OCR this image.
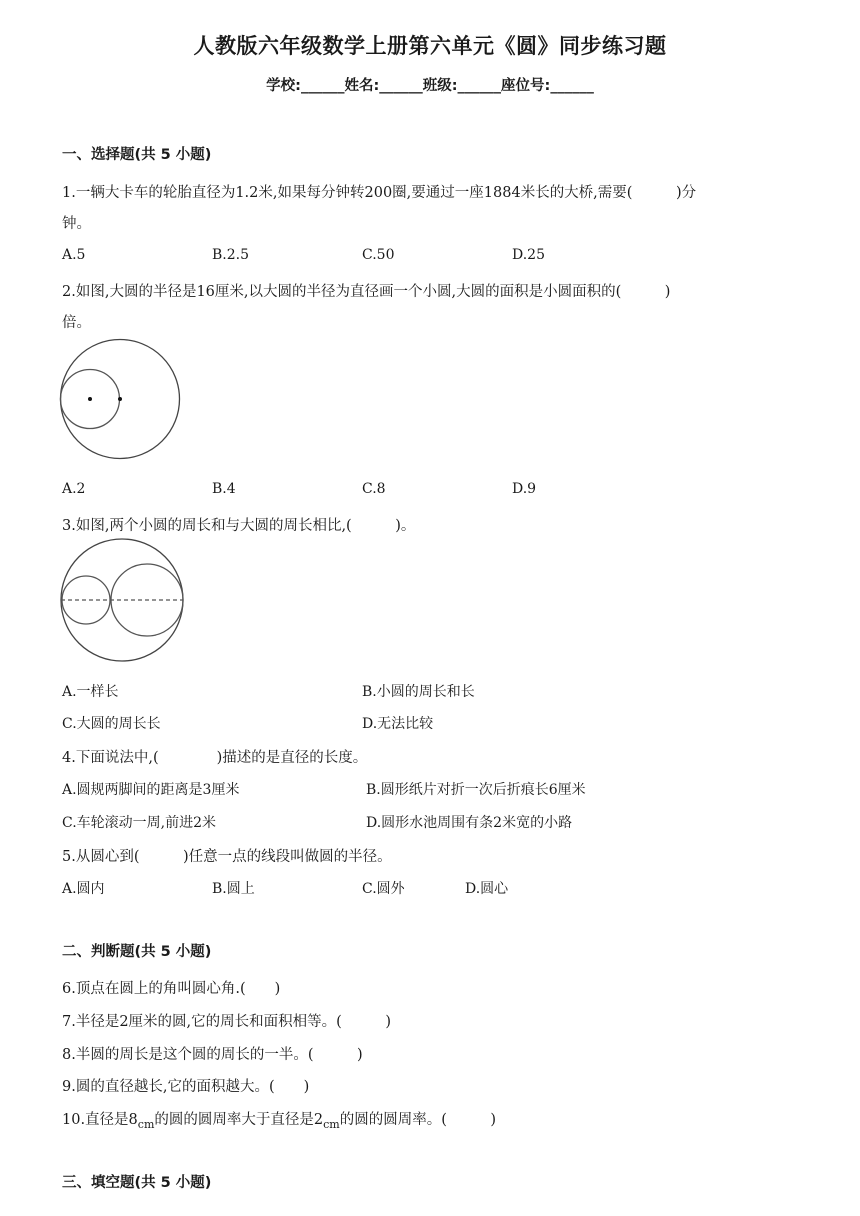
人教版六年级数学上册第六单元《圆》同步练习题
学校:______姓名:______班级:______座位号:______
一、选择题(共 5 小题)
1.一辆大卡车的轮胎直径为1.2米,如果每分钟转200圈,要通过一座1884米长的大桥,需要(　　　)分
钟。
A.5	B.2.5	C.50	D.25
2.如图,大圆的半径是16厘米,以大圆的半径为直径画一个小圆,大圆的面积是小圆面积的(　　　)
倍。
A.2	B.4	C.8	D.9
3.如图,两个小圆的周长和与大圆的周长相比,(　　　)。
A.一样长	B.小圆的周长和长
C.大圆的周长长	D.无法比较
4.下面说法中,(　　　　)描述的是直径的长度。
A.圆规两脚间的距离是3厘米	B.圆形纸片对折一次后折痕长6厘米
C.车轮滚动一周,前进2米	D.圆形水池周围有条2米宽的小路
5.从圆心到(　　　)任意一点的线段叫做圆的半径。
A.圆内	B.圆上	C.圆外	D.圆心
二、判断题(共 5 小题)
6.顶点在圆上的角叫圆心角.(　　)
7.半径是2厘米的圆,它的周长和面积相等。(　　　)
8.半圆的周长是这个圆的周长的一半。(　　　)
9.圆的直径越长,它的面积越大。(　　)
10.直径是$8_{cm}$的圆的圆周率大于直径是$2_{cm}$的圆的圆周率。(　　　)
三、填空题(共 5 小题)
